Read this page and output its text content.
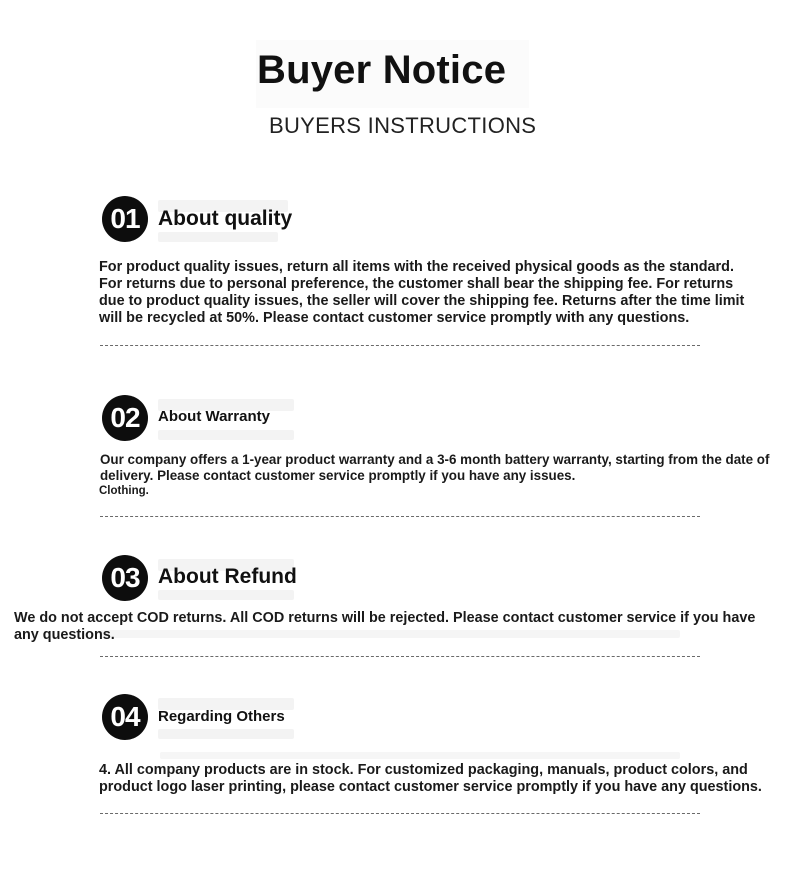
Buyer Notice
BUYERS INSTRUCTIONS
01 About quality
For product quality issues, return all items with the received physical goods as the standard. For returns due to personal preference, the customer shall bear the shipping fee. For returns due to product quality issues, the seller will cover the shipping fee. Returns after the time limit will be recycled at 50%. Please contact customer service promptly with any questions.
02	About Warranty
Our company offers a 1-year product warranty and a 3-6 month battery warranty, starting from the date of delivery. Please contact customer service promptly if you have any issues.
Clothing.
03 About Refund
We do not accept COD returns. All COD returns will be rejected. Please contact customer service if you have any questions.
04	Regarding Others
4. All company products are in stock. For customized packaging, manuals, product colors, and product logo laser printing, please contact customer service promptly if you have any questions.
